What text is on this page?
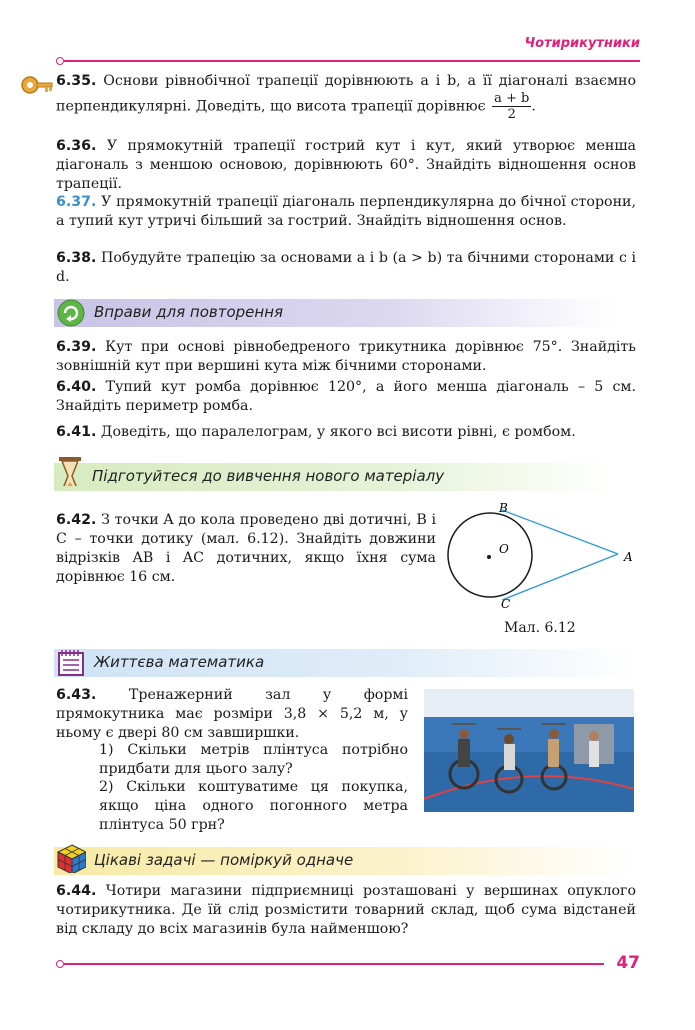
Чотирикутники
6.35. Основи рівнобічної трапеції дорівнюють a і b, а її діагоналі взаємно перпендикулярні. Доведіть, що висота трапеції дорівнює $\frac{a + b}{2}$ .
6.36. У прямокутній трапеції гострий кут і кут, який утворює менша діагональ з меншою основою, дорівнюють 60°. Знайдіть відношення основ трапеції.
6.37. У прямокутній трапеції діагональ перпендикулярна до бічної сторони, а тупий кут утричі більший за гострий. Знайдіть відношення основ.
6.38. Побудуйте трапецію за основами a і b (a > b) та бічними сторонами c і d.
Вправи для повторення
6.39. Кут при основі рівнобедреного трикутника дорівнює 75°. Знайдіть зовнішній кут при вершині кута між бічними сторонами.
6.40. Тупий кут ромба дорівнює 120°, а його менша діагональ – 5 см. Знайдіть периметр ромба.
6.41. Доведіть, що паралелограм, у якого всі висоти рівні, є ромбом.
Підготуйтеся до вивчення нового матеріалу
6.42. З точки A до кола проведено дві дотичні, B і C – точки дотику (мал. 6.12). Знайдіть довжини відрізків AB і AC дотичних, якщо їхня сума дорівнює 16 см.
O
B
C
A
Мал. 6.12
Життєва математика
6.43. Тренажерний зал у формі прямокутника має розміри 3,8 × 5,2 м, у ньому є двері 80 см завширшки.
1) Скільки метрів плінтуса потрібно придбати для цього залу?
2) Скільки коштуватиме ця покупка, якщо ціна одного погонного метра плінтуса 50 грн?
Цікаві задачі — поміркуй одначе
6.44. Чотири магазини підприємниці розташовані у вершинах опуклого чотирикутника. Де їй слід розмістити товарний склад, щоб сума відстаней від складу до всіх магазинів була найменшою?
47
